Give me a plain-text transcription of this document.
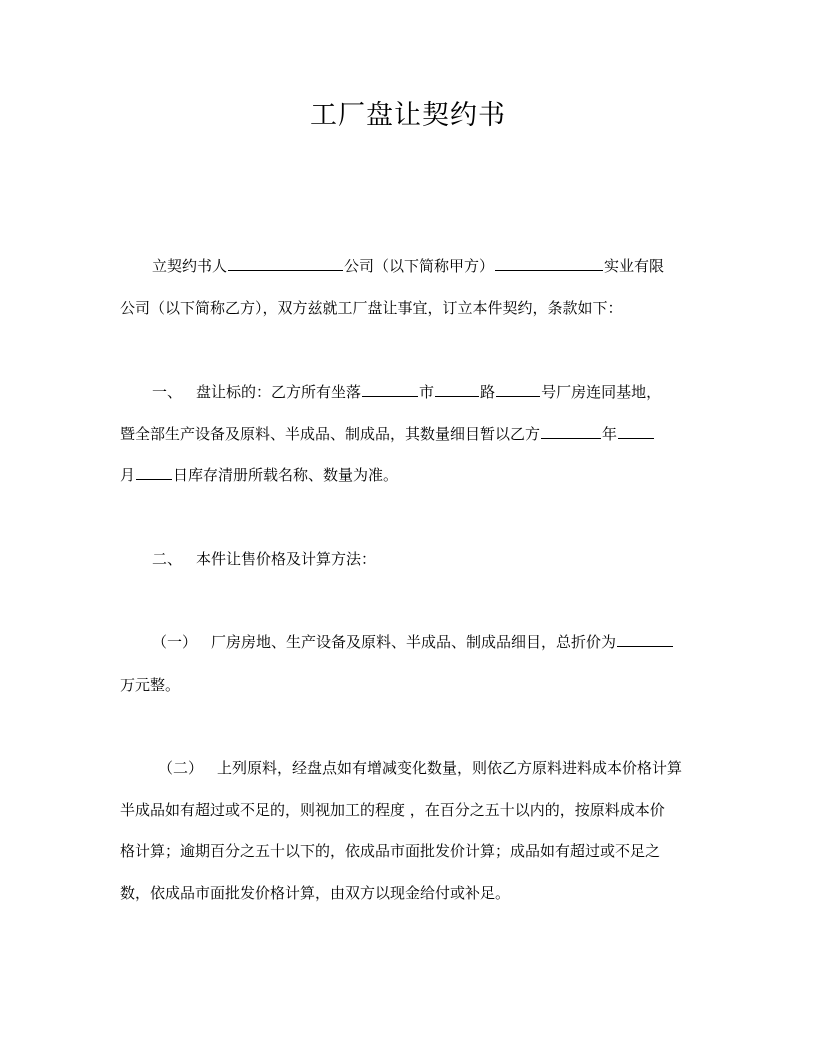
工厂盘让契约书
立契约书人	公司（以下简称甲方）	实业有限
公司（以下简称乙方），双方兹就工厂盘让事宜，订立本件契约，条款如下：
一、 盘让标的：乙方所有坐落	市	路	号厂房连同基地，
暨全部生产设备及原料、半成品、制成品，其数量细目暂以乙方	年
月	日库存清册所载名称、数量为准。
二、 本件让售价格及计算方法：
（一） 厂房房地、生产设备及原料、半成品、制成品细目，总折价为
万元整。
（二） 上列原料，经盘点如有增减变化数量，则依乙方原料进料成本价格计算
半成品如有超过或不足的，则视加工的程度 ，在百分之五十以内的，按原料成本价
格计算；逾期百分之五十以下的，依成品市面批发价计算；成品如有超过或不足之
数，依成品市面批发价格计算，由双方以现金给付或补足。
